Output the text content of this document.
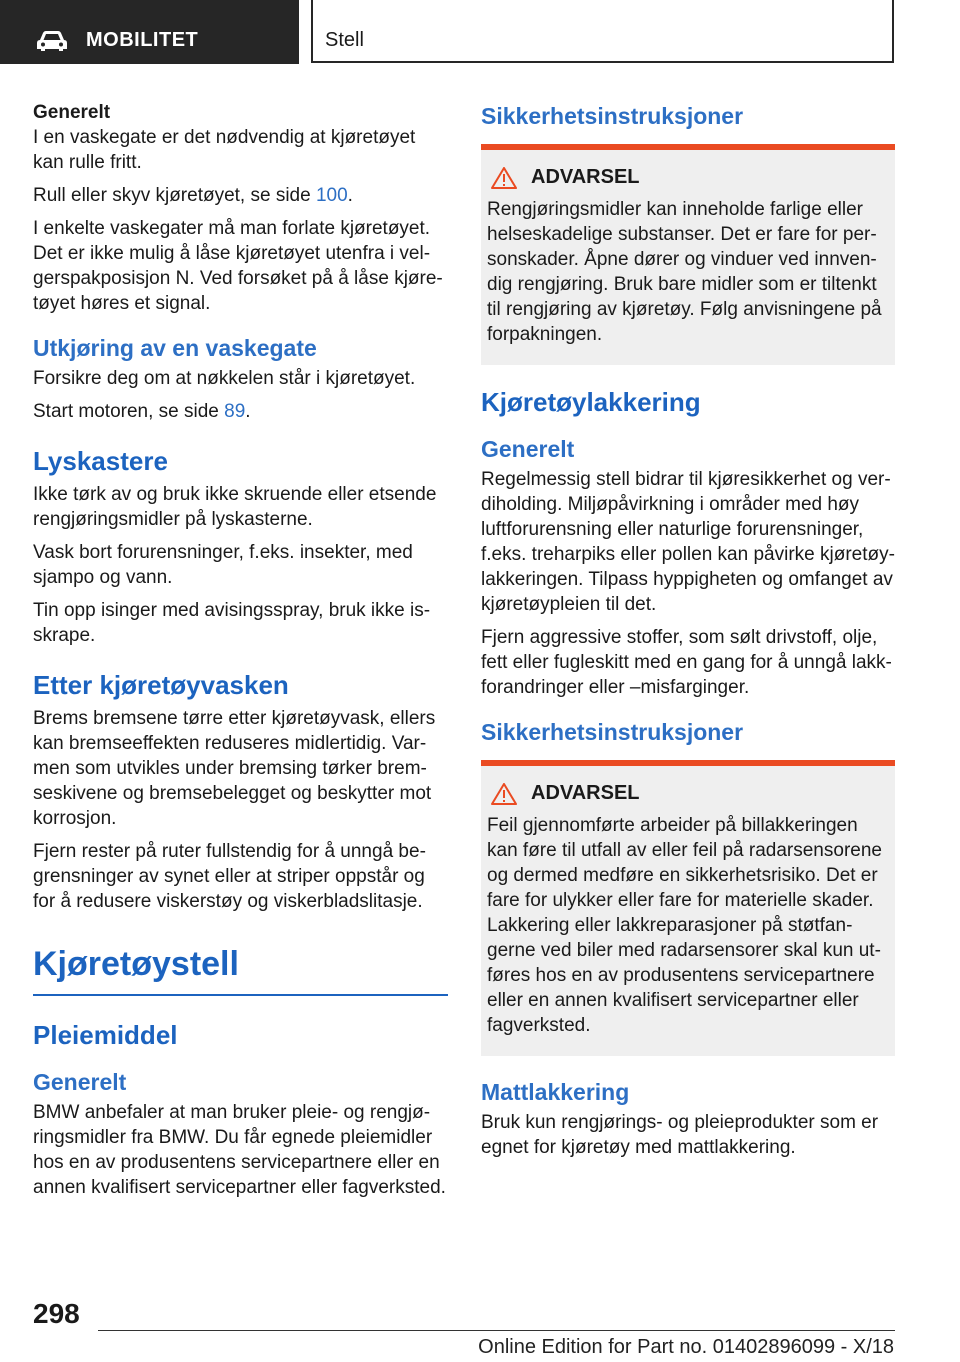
MOBILITET	Stell
Generelt

I en vaskegate er det nødvendig at kjøretøyet kan rulle fritt.

Rull eller skyv kjøretøyet, se side 100.

I enkelte vaskegater må man forlate kjøretøyet. Det er ikke mulig å låse kjøretøyet utenfra i velgerspakposisjon N. Ved forsøket på å låse kjøretøyet høres et signal.

Utkjøring av en vaskegate

Forsikre deg om at nøkkelen står i kjøretøyet.

Start motoren, se side 89.

Lyskastere

Ikke tørk av og bruk ikke skruende eller etsende rengjøringsmidler på lyskasterne.

Vask bort forurensninger, f.eks. insekter, med sjampo og vann.

Tin opp isinger med avisingsspray, bruk ikke isskrape.

Etter kjøretøyvasken

Brems bremsene tørre etter kjøretøyvask, ellers kan bremseeffekten reduseres midlertidig. Varmen som utvikles under bremsing tørker bremseskivene og bremsebelegget og beskytter mot korrosjon.

Fjern rester på ruter fullstendig for å unngå begrensninger av synet eller at striper oppstår og for å redusere viskerstøy og viskerbladslitasje.

Kjøretøystell
Pleiemiddel
Generelt

BMW anbefaler at man bruker pleie- og rengjøringsmidler fra BMW. Du får egnede pleiemidler hos en av produsentens servicepartnere eller en annen kvalifisert servicepartner eller fagverksted.

Sikkerhetsinstruksjoner
ADVARSEL

Rengjøringsmidler kan inneholde farlige eller helseskadelige substanser. Det er fare for personskader. Åpne dører og vinduer ved innvendig rengjøring. Bruk bare midler som er tiltenkt til rengjøring av kjøretøy. Følg anvisningene på forpakningen.

Kjøretøylakkering
Generelt

Regelmessig stell bidrar til kjøresikkerhet og verdiholding. Miljøpåvirkning i områder med høy luftforurensning eller naturlige forurensninger, f.eks. treharpiks eller pollen kan påvirke kjøretøylakkeringen. Tilpass hyppigheten og omfanget av kjøretøypleien til det.

Fjern aggressive stoffer, som sølt drivstoff, olje, fett eller fugleskitt med en gang for å unngå lakkforandringer eller –misfarginger.

Sikkerhetsinstruksjoner
ADVARSEL

Feil gjennomførte arbeider på billakkeringen kan føre til utfall av eller feil på radarsensorene og dermed medføre en sikkerhetsrisiko. Det er fare for ulykker eller fare for materielle skader. Lakkering eller lakkreparasjoner på støtfangerne ved biler med radarsensorer skal kun utføres hos en av produsentens servicepartnere eller en annen kvalifisert servicepartner eller fagverksted.

Mattlakkering

Bruk kun rengjørings- og pleieprodukter som er egnet for kjøretøy med mattlakkering.

298
Online Edition for Part no. 01402896099 - X/18
